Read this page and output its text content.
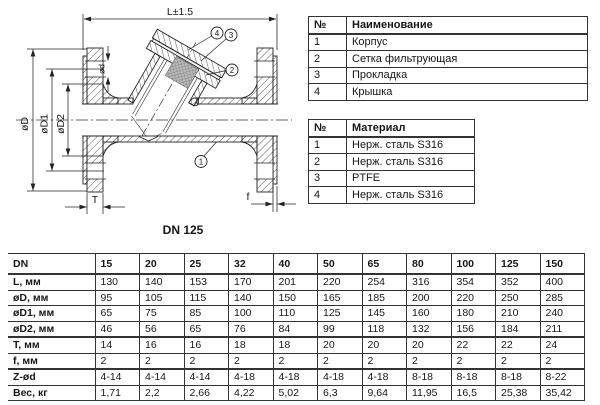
L±1.5
øD øD1 øD2
ød
T	f
1
2
3
4
DN 125
№	Наименование
1	Корпус
2	Сетка фильтрующая
3	Прокладка
4	Крышка
№	Материал
1	Нерж. сталь S316
2	Нерж. сталь S316
3	PTFE
4	Нерж. сталь S316
DN	15	20	25	32	40	50	65	80	100	125	150
L, мм	130	140	153	170	201	220	254	316	354	352	400
øD, мм	95	105	115	140	150	165	185	200	220	250	285
øD1, мм	65	75	85	100	110	125	145	160	180	210	240
øD2, мм	46	56	65	76	84	99	118	132	156	184	211
T, мм	14	16	16	18	18	20	20	20	22	22	24
f, мм	2	2	2	2	2	2	2	2	2	2	2
Z-ød	4-14	4-14	4-14	4-18	4-18	4-18	4-18	8-18	8-18	8-18	8-22
Вес, кг	1,71	2,2	2,66	4,22	5,02	6,3	9,64	11,95	16,5	25,38	35,42
